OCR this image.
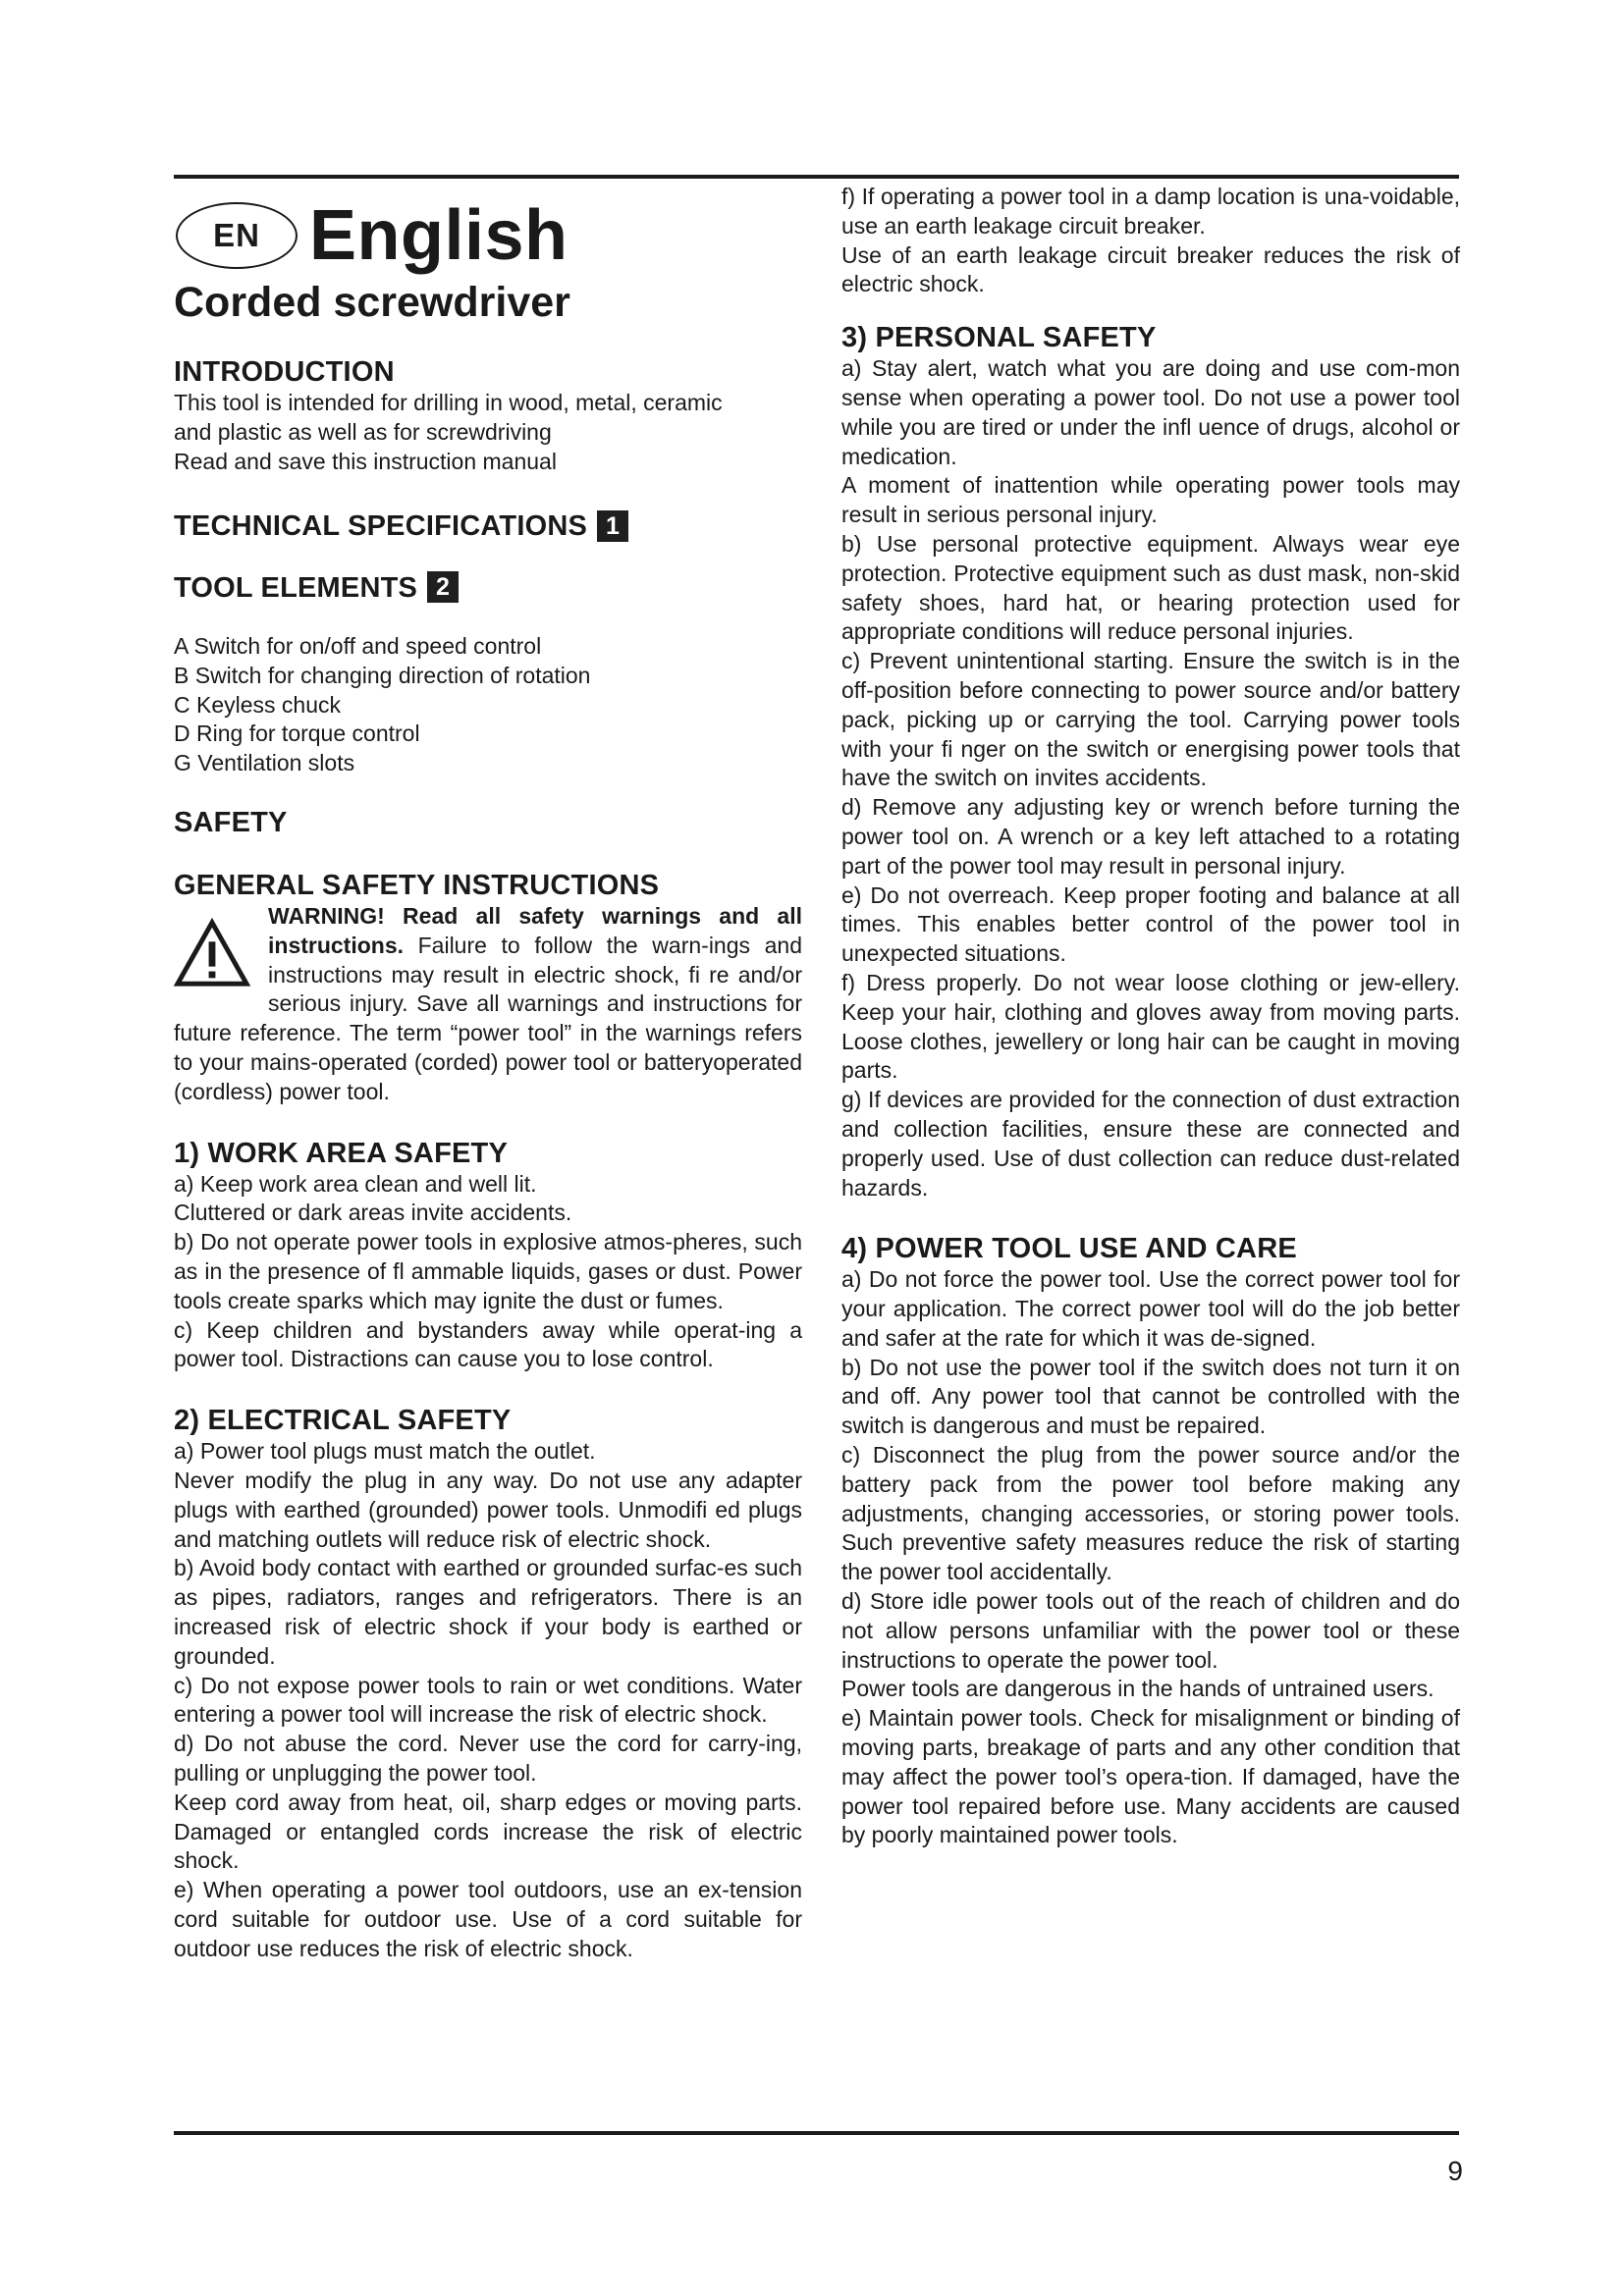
EN English
Corded screwdriver
INTRODUCTION

This tool is intended for drilling in wood, metal, ceramic

and plastic as well as for screwdriving

Read and save this instruction manual

TECHNICAL SPECIFICATIONS 1
TOOL ELEMENTS 2

A Switch for on/off and speed control

B Switch for changing direction of rotation

C Keyless chuck

D Ring for torque control

G Ventilation slots

SAFETY
GENERAL SAFETY INSTRUCTIONS

WARNING! Read all safety warnings and all instructions. Failure to follow the warn-ings and instructions may result in electric shock, fi re and/or serious injury. Save all warnings and instructions for future reference. The term “power tool” in the warnings refers to your mains-operated (corded) power tool or batteryoperated (cordless) power tool.

1) WORK AREA SAFETY

a) Keep work area clean and well lit.

Cluttered or dark areas invite accidents.

b) Do not operate power tools in explosive atmos-pheres, such as in the presence of fl ammable liquids, gases or dust. Power tools create sparks which may ignite the dust or fumes.

c) Keep children and bystanders away while operat-ing a power tool. Distractions can cause you to lose control.

2) ELECTRICAL SAFETY

a) Power tool plugs must match the outlet.

Never modify the plug in any way. Do not use any adapter plugs with earthed (grounded) power tools. Unmodifi ed plugs and matching outlets will reduce risk of electric shock.

b) Avoid body contact with earthed or grounded surfac-es such as pipes, radiators, ranges and refrigerators. There is an increased risk of electric shock if your body is earthed or grounded.

c) Do not expose power tools to rain or wet conditions. Water entering a power tool will increase the risk of electric shock.

d) Do not abuse the cord. Never use the cord for carry-ing, pulling or unplugging the power tool.

Keep cord away from heat, oil, sharp edges or moving parts. Damaged or entangled cords increase the risk of electric shock.

e) When operating a power tool outdoors, use an ex-tension cord suitable for outdoor use. Use of a cord suitable for outdoor use reduces the risk of electric shock.

f) If operating a power tool in a damp location is una-voidable, use an earth leakage circuit breaker.

Use of an earth leakage circuit breaker reduces the risk of electric shock.

3) PERSONAL SAFETY

a) Stay alert, watch what you are doing and use com-mon sense when operating a power tool. Do not use a power tool while you are tired or under the infl uence of drugs, alcohol or medication.

A moment of inattention while operating power tools may result in serious personal injury.

b) Use personal protective equipment. Always wear eye protection. Protective equipment such as dust mask, non-skid safety shoes, hard hat, or hearing protection used for appropriate conditions will reduce personal injuries.

c) Prevent unintentional starting. Ensure the switch is in the off-position before connecting to power source and/or battery pack, picking up or carrying the tool. Carrying power tools with your fi nger on the switch or energising power tools that have the switch on invites accidents.

d) Remove any adjusting key or wrench before turning the power tool on. A wrench or a key left attached to a rotating part of the power tool may result in personal injury.

e) Do not overreach. Keep proper footing and balance at all times. This enables better control of the power tool in unexpected situations.

f) Dress properly. Do not wear loose clothing or jew-ellery. Keep your hair, clothing and gloves away from moving parts. Loose clothes, jewellery or long hair can be caught in moving parts.

g) If devices are provided for the connection of dust extraction and collection facilities, ensure these are connected and properly used. Use of dust collection can reduce dust-related hazards.

4) POWER TOOL USE AND CARE

a) Do not force the power tool. Use the correct power tool for your application. The correct power tool will do the job better and safer at the rate for which it was de-signed.

b) Do not use the power tool if the switch does not turn it on and off. Any power tool that cannot be controlled with the switch is dangerous and must be repaired.

c) Disconnect the plug from the power source and/or the battery pack from the power tool before making any adjustments, changing accessories, or storing power tools. Such preventive safety measures reduce the risk of starting the power tool accidentally.

d) Store idle power tools out of the reach of children and do not allow persons unfamiliar with the power tool or these instructions to operate the power tool.

Power tools are dangerous in the hands of untrained users.

e) Maintain power tools. Check for misalignment or binding of moving parts, breakage of parts and any other condition that may affect the power tool’s opera-tion. If damaged, have the power tool repaired before use. Many accidents are caused by poorly maintained power tools.

9
